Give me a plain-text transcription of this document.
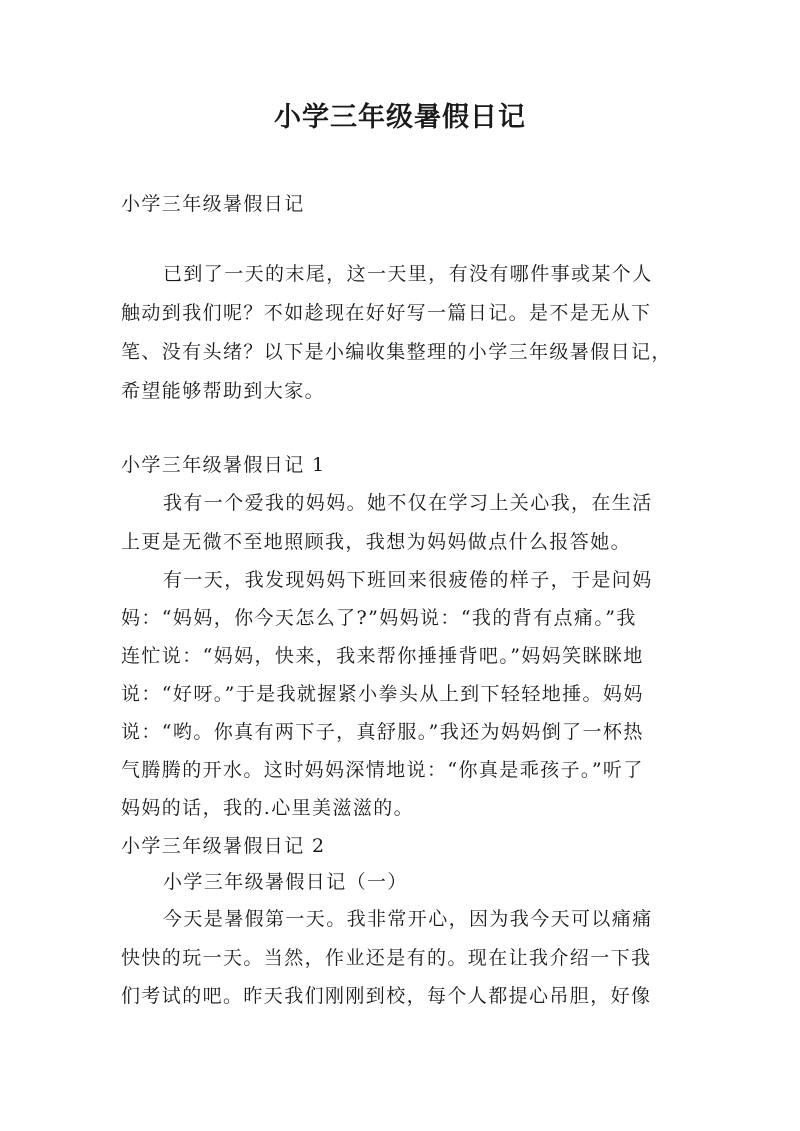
小学三年级暑假日记
小学三年级暑假日记
已到了一天的末尾，这一天里，有没有哪件事或某个人
触动到我们呢？不如趁现在好好写一篇日记。是不是无从下
笔、没有头绪？以下是小编收集整理的小学三年级暑假日记，
希望能够帮助到大家。
小学三年级暑假日记 1
我有一个爱我的妈妈。她不仅在学习上关心我，在生活
上更是无微不至地照顾我，我想为妈妈做点什么报答她。
有一天，我发现妈妈下班回来很疲倦的样子，于是问妈
妈：“妈妈，你今天怎么了?”妈妈说：“我的背有点痛。”我
连忙说：“妈妈，快来，我来帮你捶捶背吧。”妈妈笑眯眯地
说：“好呀。”于是我就握紧小拳头从上到下轻轻地捶。妈妈
说：“哟。你真有两下子，真舒服。”我还为妈妈倒了一杯热
气腾腾的开水。这时妈妈深情地说：“你真是乖孩子。”听了
妈妈的话，我的.心里美滋滋的。
小学三年级暑假日记 2
小学三年级暑假日记（一）
今天是暑假第一天。我非常开心，因为我今天可以痛痛
快快的玩一天。当然，作业还是有的。现在让我介绍一下我
们考试的吧。昨天我们刚刚到校，每个人都提心吊胆，好像
